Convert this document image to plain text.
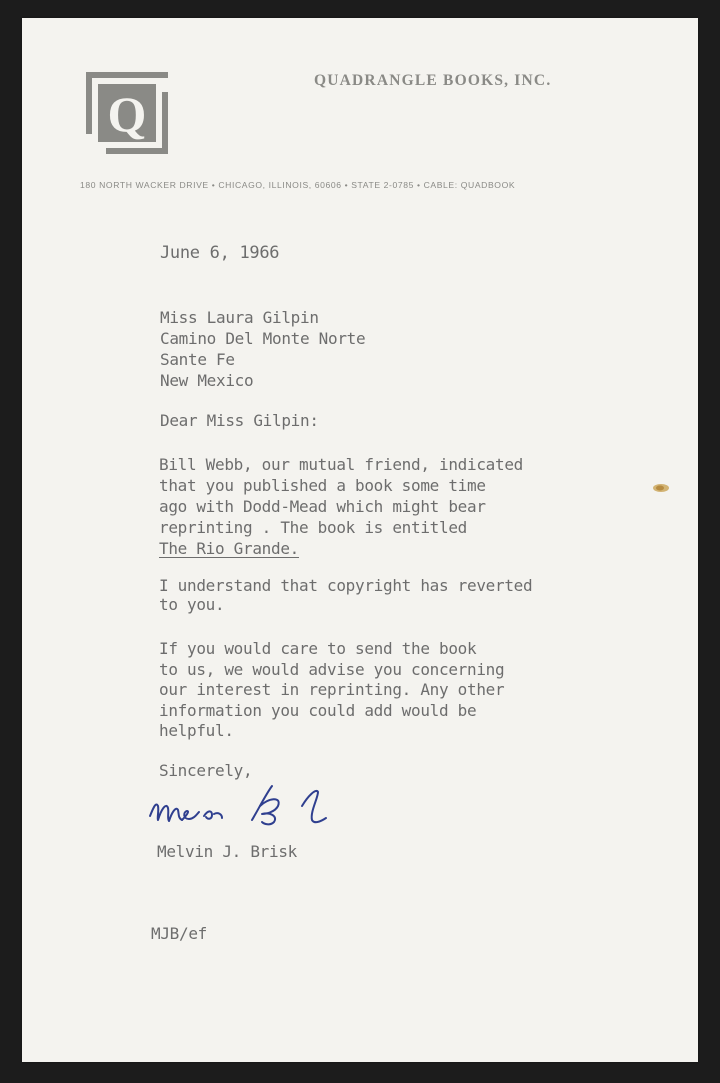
Q
QUADRANGLE BOOKS, INC.
180 NORTH WACKER DRIVE • CHICAGO, ILLINOIS, 60606 • STATE 2-0785 • CABLE: QUADBOOK
June 6, 1966
Miss Laura Gilpin
Camino Del Monte Norte
Sante Fe
New Mexico
Dear Miss Gilpin:
Bill Webb, our mutual friend, indicated
that you published a book some time
ago with Dodd-Mead which might bear
reprinting . The book is entitled
The Rio Grande.
I understand that copyright has reverted
to you.
If you would care to send the book
to us, we would advise you concerning
our interest in reprinting. Any other
information you could add would be
helpful.
Sincerely,
Melvin J. Brisk
MJB/ef
